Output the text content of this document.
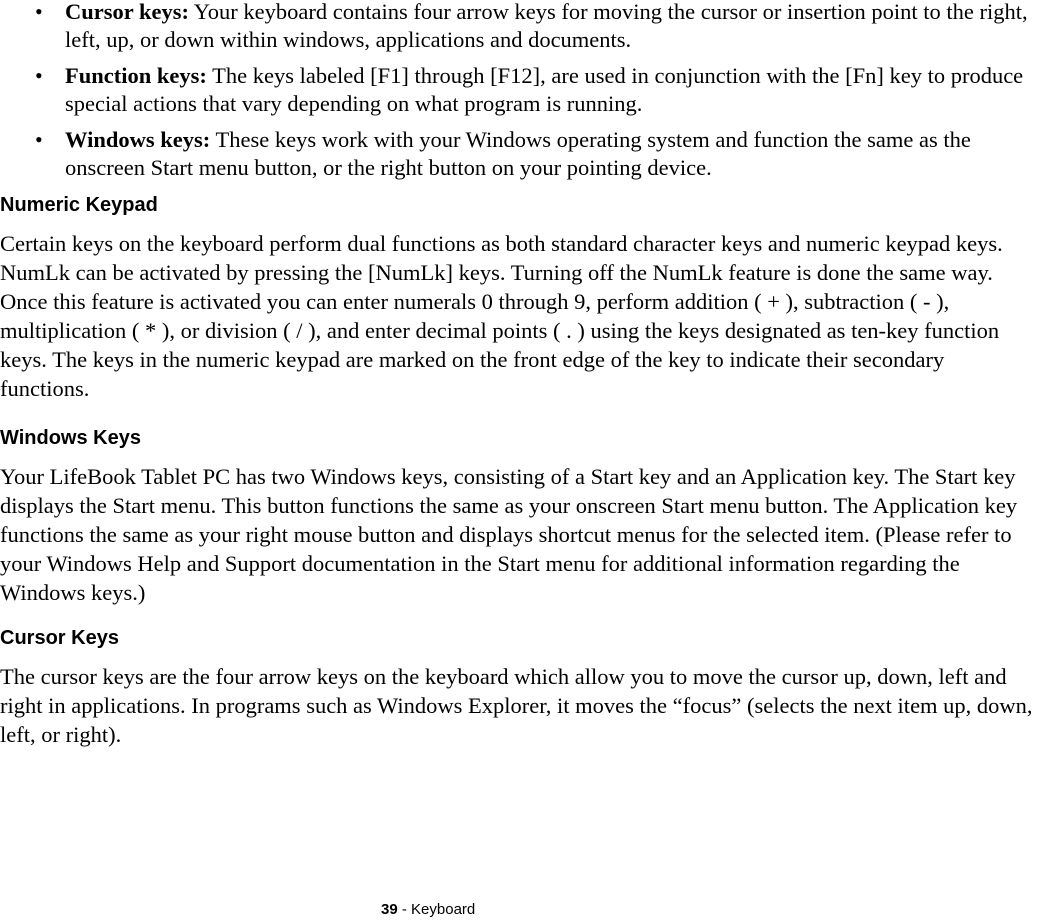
• Cursor keys: Your keyboard contains four arrow keys for moving the cursor or insertion point to the right, left, up, or down within windows, applications and documents.
• Function keys: The keys labeled [F1] through [F12], are used in conjunction with the [Fn] key to produce special actions that vary depending on what program is running.
• Windows keys: These keys work with your Windows operating system and function the same as the onscreen Start menu button, or the right button on your pointing device.
Numeric Keypad

Certain keys on the keyboard perform dual functions as both standard character keys and numeric keypad keys. NumLk can be activated by pressing the [NumLk] keys. Turning off the NumLk feature is done the same way. Once this feature is activated you can enter numerals 0 through 9, perform addition ( + ), subtraction ( - ), multiplication ( * ), or division ( / ), and enter decimal points ( . ) using the keys designated as ten-key function keys. The keys in the numeric keypad are marked on the front edge of the key to indicate their secondary functions.

Windows Keys

Your LifeBook Tablet PC has two Windows keys, consisting of a Start key and an Application key. The Start key displays the Start menu. This button functions the same as your onscreen Start menu button. The Application key functions the same as your right mouse button and displays shortcut menus for the selected item. (Please refer to your Windows Help and Support documentation in the Start menu for additional information regarding the Windows keys.)

Cursor Keys

The cursor keys are the four arrow keys on the keyboard which allow you to move the cursor up, down, left and right in applications. In programs such as Windows Explorer, it moves the “focus” (selects the next item up, down, left, or right).

39 - Keyboard
